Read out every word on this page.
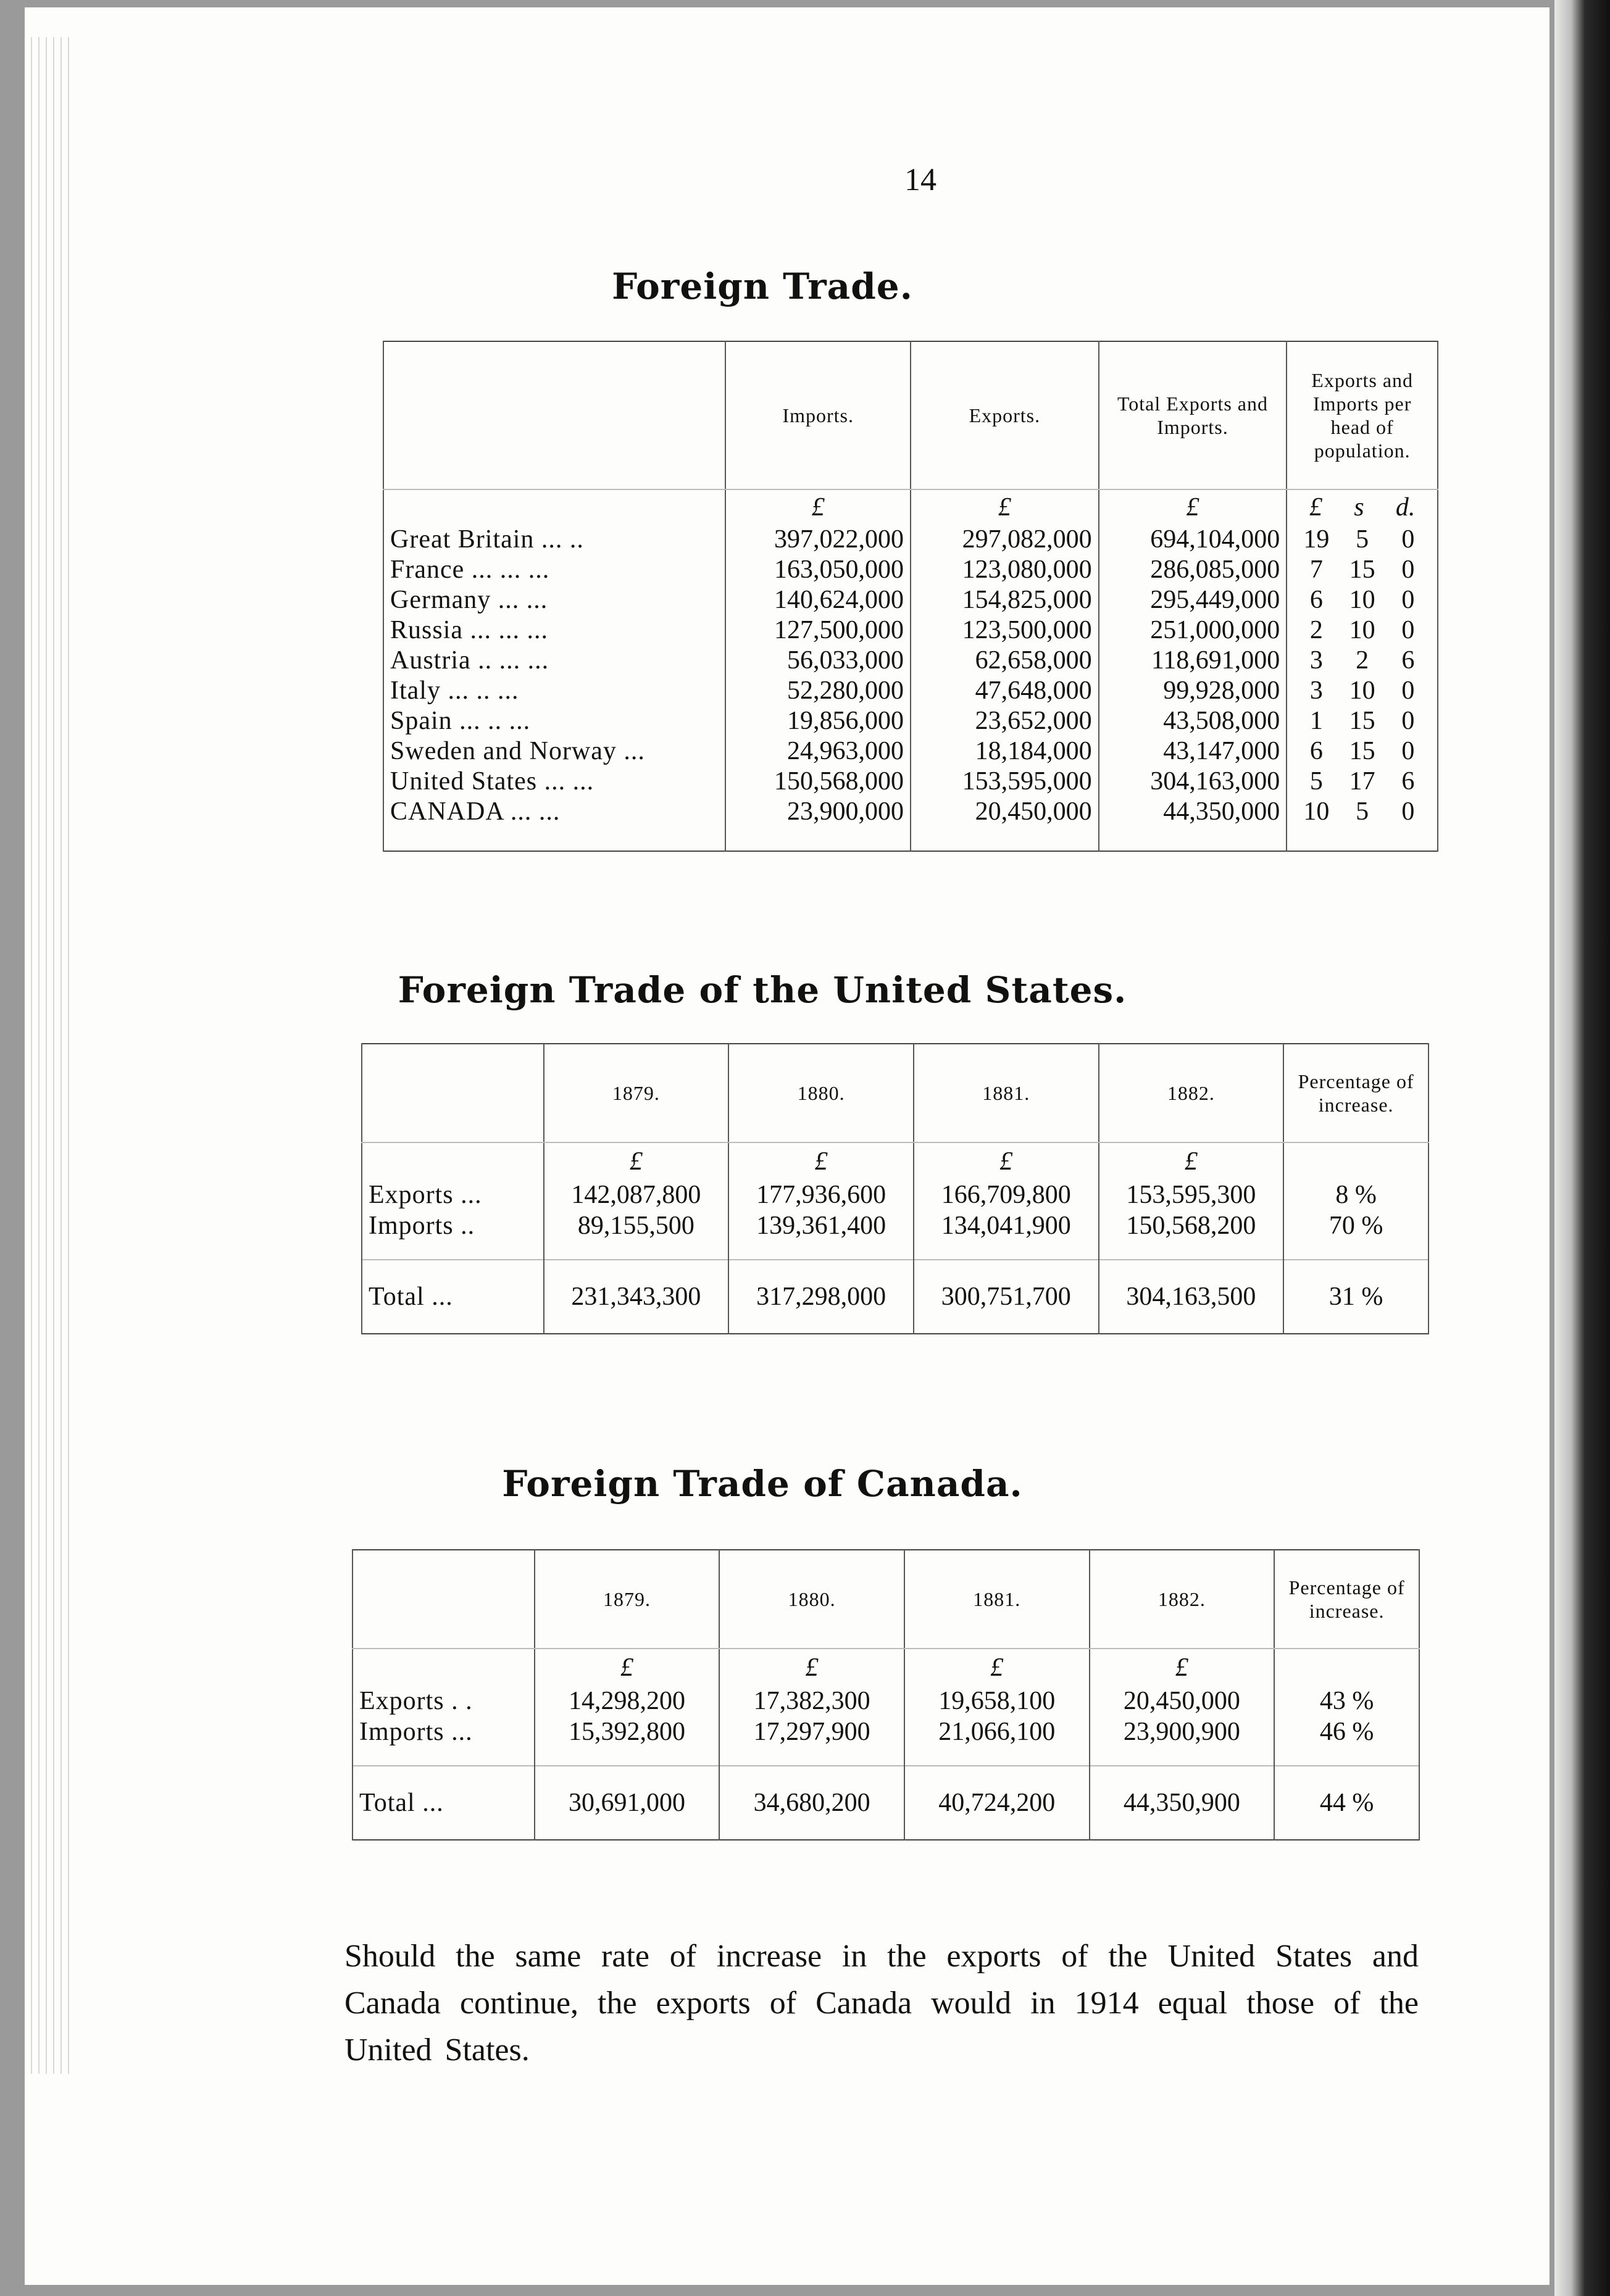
14
Foreign Trade.
	Imports.	Exports.	Total Exports and Imports.	Exports and Imports per head of population.
	£	£	£	£ s d.

Great Britain ... ..	397,022,000	297,082,000	694,104,000	19 5 0

France ... ... ...	163,050,000	123,080,000	286,085,000	7 15 0

Germany ... ...	140,624,000	154,825,000	295,449,000	6 10 0

Russia ... ... ...	127,500,000	123,500,000	251,000,000	2 10 0

Austria .. ... ...	56,033,000	62,658,000	118,691,000	3 2 6

Italy ... .. ...	52,280,000	47,648,000	99,928,000	3 10 0

Spain ... .. ...	19,856,000	23,652,000	43,508,000	1 15 0

Sweden and Norway ...	24,963,000	18,184,000	43,147,000	6 15 0

United States ... ...	150,568,000	153,595,000	304,163,000	5 17 6

CANADA ... ...	23,900,000	20,450,000	44,350,000	10 5 0

Foreign Trade of the United States.
	1879.	1880.	1881.	1882.	Percentage of increase.
	£	£	£	£	
Exports ...	142,087,800	177,936,600	166,709,800	153,595,300	8 %
Imports ..	89,155,500	139,361,400	134,041,900	150,568,200	70 %

Total ...	231,343,300	317,298,000	300,751,700	304,163,500	31 %
Foreign Trade of Canada.
	1879.	1880.	1881.	1882.	Percentage of increase.
	£	£	£	£	
Exports . .	14,298,200	17,382,300	19,658,100	20,450,000	43 %
Imports ...	15,392,800	17,297,900	21,066,100	23,900,900	46 %

Total ...	30,691,000	34,680,200	40,724,200	44,350,900	44 %

Should the same rate of increase in the exports of the United States and Canada continue, the exports of Canada would in 1914 equal those of the United States.
